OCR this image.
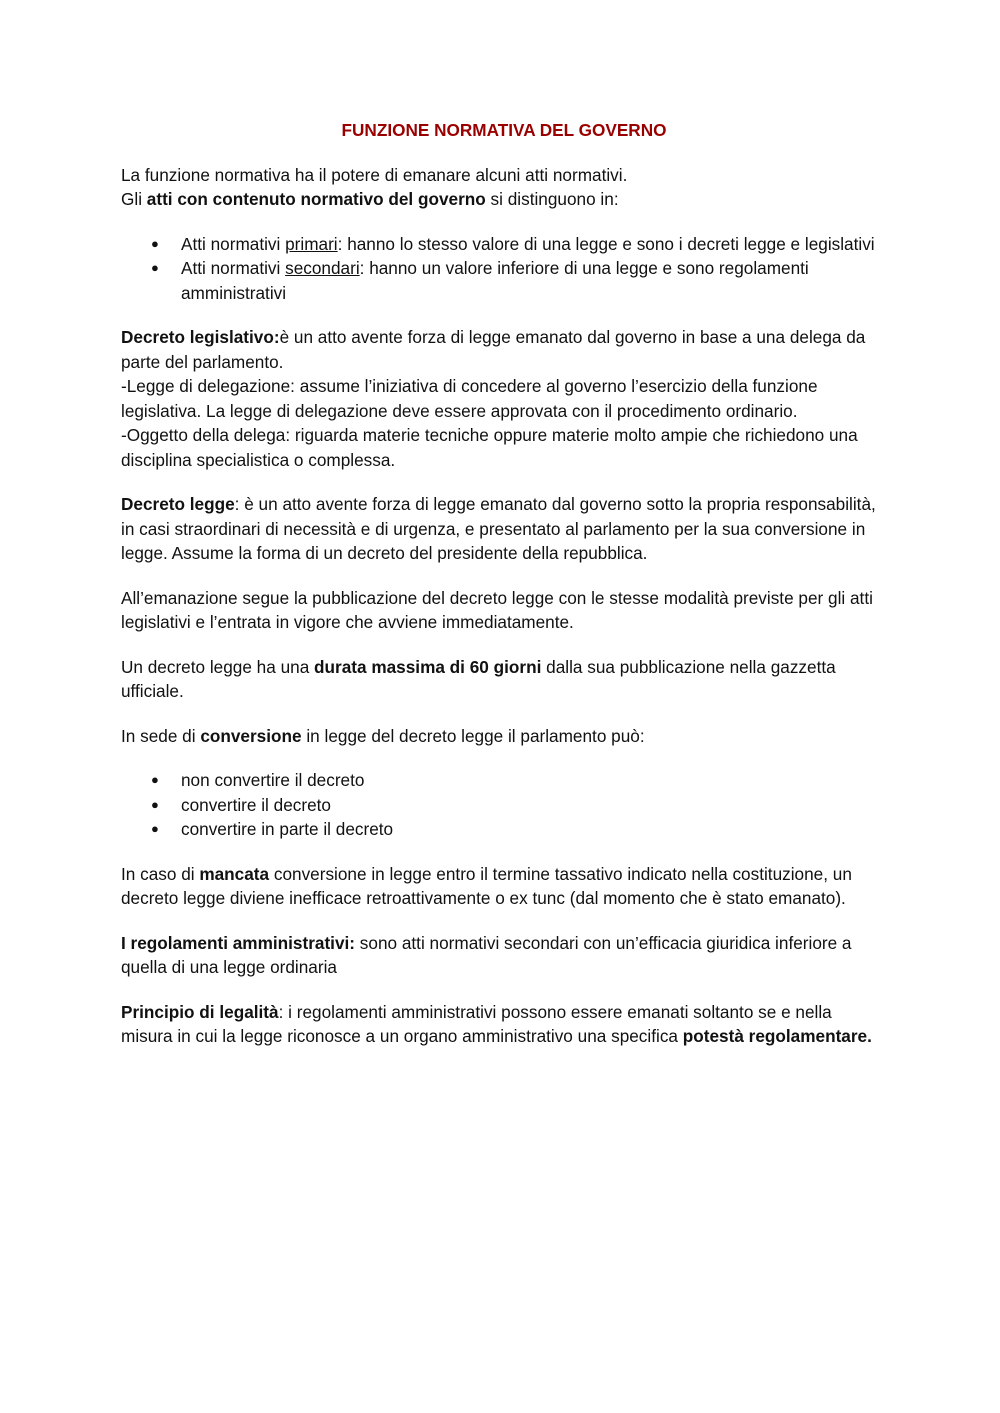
FUNZIONE NORMATIVA DEL GOVERNO

La funzione normativa ha il potere di emanare alcuni atti normativi.

Gli atti con contenuto normativo del governo si distinguono in:

● Atti normativi primari: hanno lo stesso valore di una legge e sono i decreti legge e legislativi
● Atti normativi secondari: hanno un valore inferiore di una legge e sono regolamenti amministrativi

Decreto legislativo:è un atto avente forza di legge emanato dal governo in base a una delega da parte del parlamento.

-Legge di delegazione: assume l’iniziativa di concedere al governo l’esercizio della funzione legislativa. La legge di delegazione deve essere approvata con il procedimento ordinario.

-Oggetto della delega: riguarda materie tecniche oppure materie molto ampie che richiedono una disciplina specialistica o complessa.

Decreto legge: è un atto avente forza di legge emanato dal governo sotto la propria responsabilità, in casi straordinari di necessità e di urgenza, e presentato al parlamento per la sua conversione in legge. Assume la forma di un decreto del presidente della repubblica.

All’emanazione segue la pubblicazione del decreto legge con le stesse modalità previste per gli atti legislativi e l’entrata in vigore che avviene immediatamente.

Un decreto legge ha una durata massima di 60 giorni dalla sua pubblicazione nella gazzetta ufficiale.

In sede di conversione in legge del decreto legge il parlamento può:

● non convertire il decreto
● convertire il decreto
● convertire in parte il decreto

In caso di mancata conversione in legge entro il termine tassativo indicato nella costituzione, un decreto legge diviene inefficace retroattivamente o ex tunc (dal momento che è stato emanato).

I regolamenti amministrativi: sono atti normativi secondari con un’efficacia giuridica inferiore a quella di una legge ordinaria

Principio di legalità: i regolamenti amministrativi possono essere emanati soltanto se e nella misura in cui la legge riconosce a un organo amministrativo una specifica potestà regolamentare.
